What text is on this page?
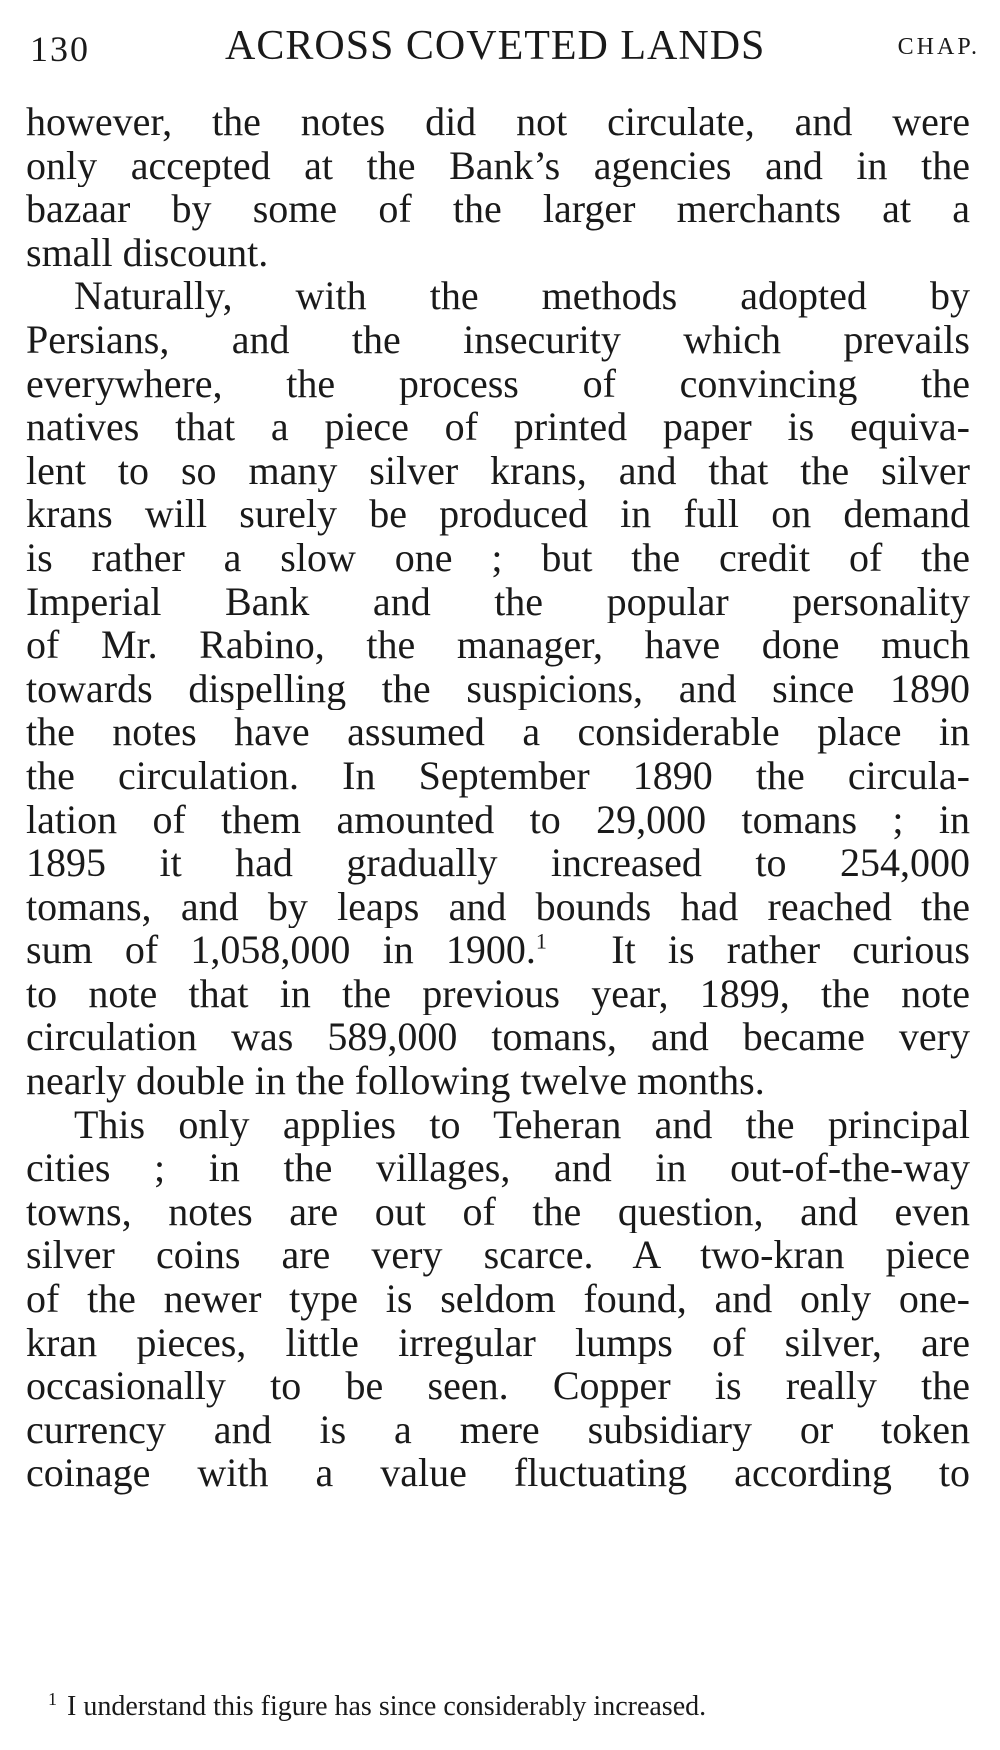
130	ACROSS COVETED LANDS	CHAP.
however, the notes did not circulate, and were
only accepted at the Bank’s agencies and in the
bazaar by some of the larger merchants at a
small discount.
Naturally, with the methods adopted by
Persians, and the insecurity which prevails
everywhere, the process of convincing the
natives that a piece of printed paper is equiva-
lent to so many silver krans, and that the silver
krans will surely be produced in full on demand
is rather a slow one ; but the credit of the
Imperial Bank and the popular personality
of Mr. Rabino, the manager, have done much
towards dispelling the suspicions, and since 1890
the notes have assumed a considerable place in
the circulation. In September 1890 the circula-
lation of them amounted to 29,000 tomans ; in
1895 it had gradually increased to 254,000
tomans, and by leaps and bounds had reached the
sum of 1,058,000 in 1900.$^1$ It is rather curious
to note that in the previous year, 1899, the note
circulation was 589,000 tomans, and became very
nearly double in the following twelve months.
This only applies to Teheran and the principal
cities ; in the villages, and in out-of-the-way
towns, notes are out of the question, and even
silver coins are very scarce. A two-kran piece
of the newer type is seldom found, and only one-
kran pieces, little irregular lumps of silver, are
occasionally to be seen. Copper is really the
currency and is a mere subsidiary or token
coinage with a value fluctuating according to
$^1$ I understand this figure has since considerably increased.
